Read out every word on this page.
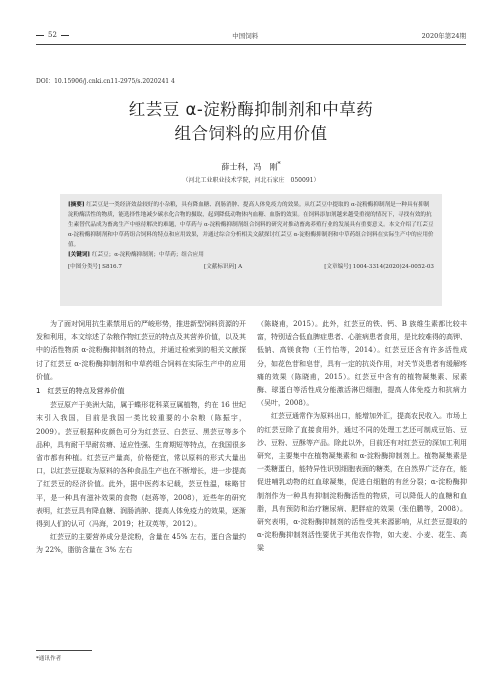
52	中国饲料	2020年第24期
DOI：10.15906/j.cnki.cn11-2975/s.2020241 4
红芸豆 α-淀粉酶抑制剂和中草药
组合饲料的应用价值
薛士科，冯　刚*
（河北工业职业技术学院，河北石家庄　050091）
[摘要] 红芸豆是一类经济效益较好的小杂粮，具有降血糖、润肠消肿、提高人体免疫力的效果。从红芸豆中提取的 α-淀粉酶抑制剂是一种具有抑制淀粉酶活性的物质，能选择性地减少碳水化合物的摄取，起到降低动物体内血糖、血脂的效果。在饲料添加剂越来越受重视的情况下，寻找有效的抗生素替代品成为畜禽生产中亟待解决的难题，中草药与 α-淀粉酶抑制剂组合饲料的研究对推动畜禽养殖行业的发展具有重要意义。本文介绍了红芸豆 α-淀粉酶抑制剂和中草药组合饲料的特点和应用效果，并通过综合分析相关文献探讨红芸豆 α-淀粉酶抑制剂和中草药组合饲料在实际生产中的应用价值。
[关键词] 红芸豆；α-淀粉酶抑制剂；中草药；组合应用
[中图分类号] S816.7	[文献标识码] A	[文章编号] 1004-3314(2020)24-0052-03

为了面对饲用抗生素禁用后的严峻形势，推进新型饲料资源的开发和利用，本文综述了杂粮作物红芸豆的特点及其营养价值，以及其中的活性物质 α-淀粉酶抑制剂的特点，并通过检索到的相关文献探讨了红芸豆 α-淀粉酶抑制剂和中草药组合饲料在实际生产中的应用价值。

1　红芸豆的特点及营养价值

芸豆原产于美洲大陆，属于蝶形花科菜豆属植物，约在 16 世纪末引入我国，目前是我国一类比较重要的小杂粮（陈振宇，2009）。芸豆根据种皮颜色可分为红芸豆、白芸豆、黑芸豆等多个品种，具有耐干旱耐贫瘠、适应性强、生育期短等特点，在我国很多省市都有种植。红芸豆产量高，价格便宜，常以原料的形式大量出口，以红芸豆提取为原料的各种食品生产也在不断增长，进一步提高了红芸豆的经济价值。此外，据中医药本记载，芸豆性温，味略甘平，是一种具有滋补效果的食物（赵蒋等，2008），近些年的研究表明，红芸豆具有降血糖、润肠消肿、提高人体免疫力的效果，逐渐得到人们的认可（冯海，2019；杜双英等，2012）。

红芸豆的主要营养成分是淀粉，含量在 45% 左右，蛋白含量约为 22%，脂肪含量在 3% 左右

（陈晓甫，2015）。此外，红芸豆的铁、钙、B 族维生素都比较丰富，特别适合低血脾症患者、心脏病患者食用，是比较难得的高钾、低钠、高镁食物（王竹怡等，2014）。红芸豆还含有许多活性成分，如花色苷和皂苷，具有一定的抗炎作用，对关节炎患者有缓解疼痛的效果（陈晓甫，2015）。红芸豆中含有的植物凝集素、尿素酶、球蛋白等活性成分能激活淋巴细胞，提高人体免疫力和抗病力（吴叶，2008）。

红芸豆通常作为原料出口，能增加外汇，提高农民收入。市场上的红芸豆除了直接食用外，通过不同的处理工艺还可制成豆馅、豆沙、豆粉、豆酥等产品。除此以外，目前还有对红芸豆的深加工利用研究，主要集中在植物凝集素和 α-淀粉酶抑制剂上。植物凝集素是一类糖蛋白，能特异性识别细胞表面的糖类，在自然界广泛存在，能促进哺乳动物的红血球凝集，促进白细胞的有丝分裂；α-淀粉酶抑制剂作为一种具有抑制淀粉酶活性的物质，可以降低人的血糖和血脂，具有预防和治疗糖尿病、肥胖症的效果（张伯鹏等，2008）。研究表明，α-淀粉酶抑制剂的活性受其来源影响，从红芸豆提取的 α-淀粉酶抑制剂活性要优于其他农作物，如大麦、小麦、花生、高粱

*通讯作者
